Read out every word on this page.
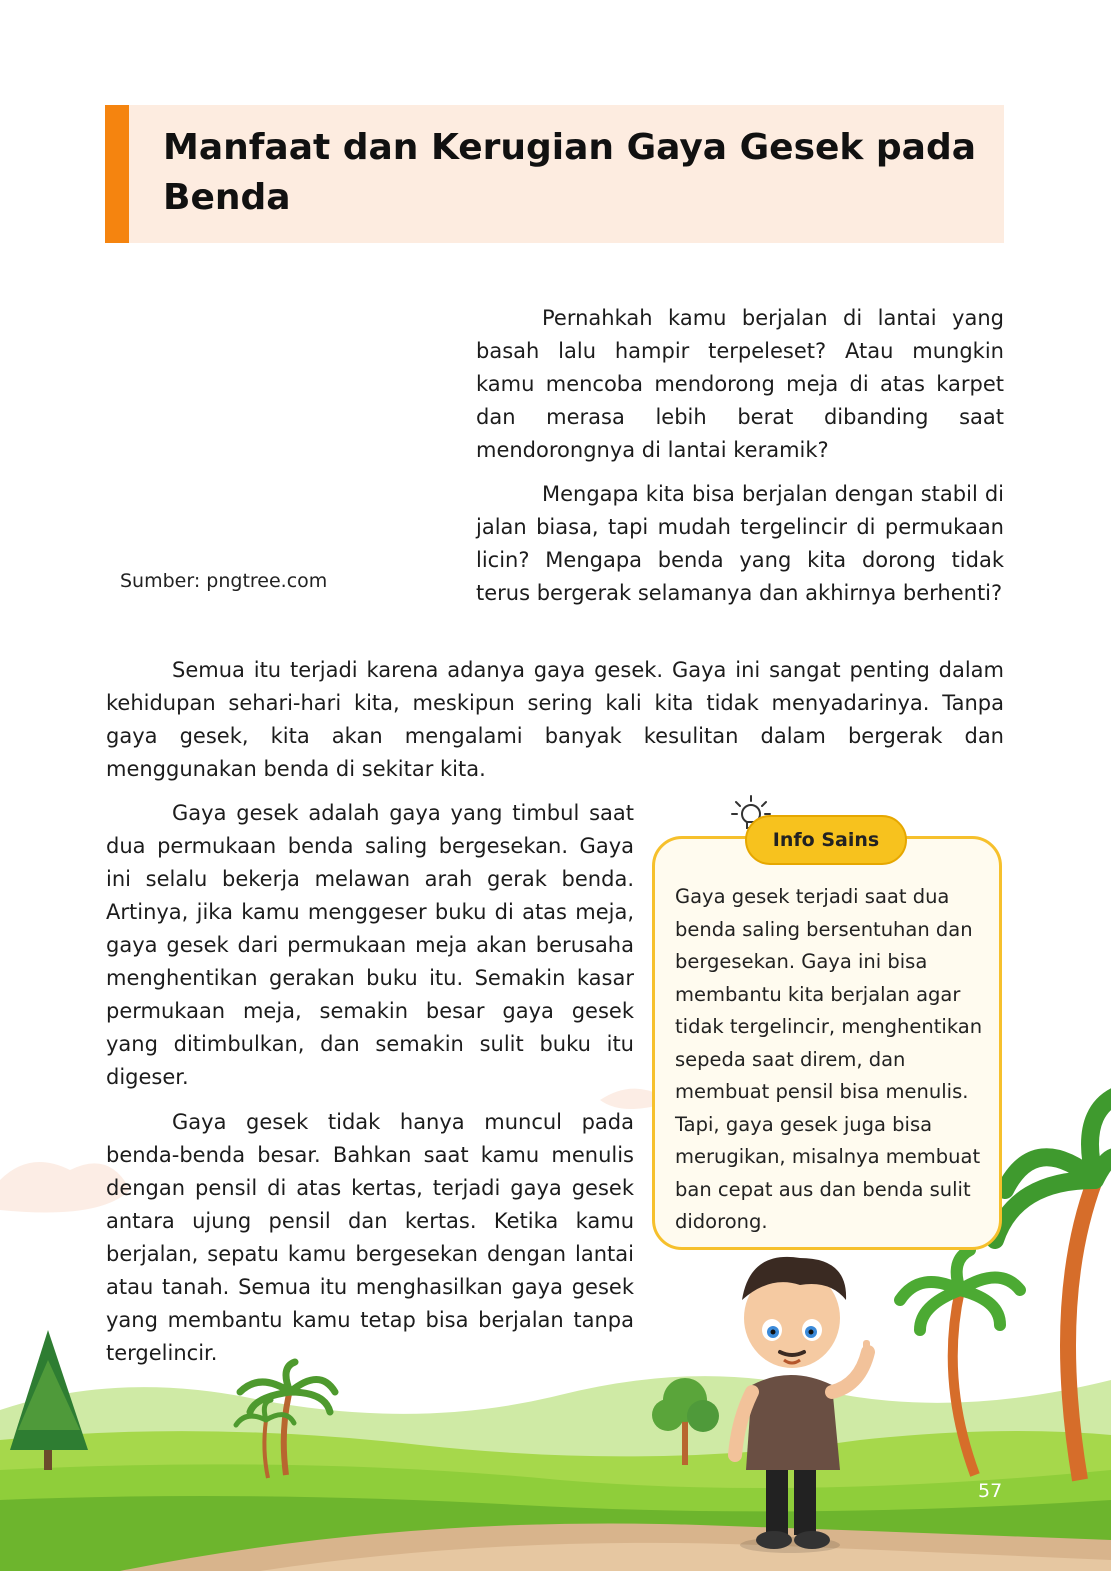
Manfaat dan Kerugian Gaya Gesek pada Benda
Sumber: pngtree.com

Pernahkah kamu berjalan di lantai yang basah lalu hampir terpeleset? Atau mungkin kamu mencoba mendorong meja di atas karpet dan merasa lebih berat dibanding saat mendorongnya di lantai keramik?

Mengapa kita bisa berjalan dengan stabil di jalan biasa, tapi mudah tergelincir di permukaan licin? Mengapa benda yang kita dorong tidak terus bergerak selamanya dan akhirnya berhenti?

Semua itu terjadi karena adanya gaya gesek. Gaya ini sangat penting dalam kehidupan sehari-hari kita, meskipun sering kali kita tidak menyadarinya. Tanpa gaya gesek, kita akan mengalami banyak kesulitan dalam bergerak dan menggunakan benda di sekitar kita.

Gaya gesek adalah gaya yang timbul saat dua permukaan benda saling bergesekan. Gaya ini selalu bekerja melawan arah gerak benda. Artinya, jika kamu menggeser buku di atas meja, gaya gesek dari permukaan meja akan berusaha menghentikan gerakan buku itu. Semakin kasar permukaan meja, semakin besar gaya gesek yang ditimbulkan, dan semakin sulit buku itu digeser.

Gaya gesek tidak hanya muncul pada benda-benda besar. Bahkan saat kamu menulis dengan pensil di atas kertas, terjadi gaya gesek antara ujung pensil dan kertas. Ketika kamu berjalan, sepatu kamu bergesekan dengan lantai atau tanah. Semua itu menghasilkan gaya gesek yang membantu kamu tetap bisa berjalan tanpa tergelincir.

Gaya gesek terjadi saat dua benda saling bersentuhan dan bergesekan. Gaya ini bisa membantu kita berjalan agar tidak tergelincir, menghentikan sepeda saat direm, dan membuat pensil bisa menulis. Tapi, gaya gesek juga bisa merugikan, misalnya membuat ban cepat aus dan benda sulit didorong.

Info Sains
57
